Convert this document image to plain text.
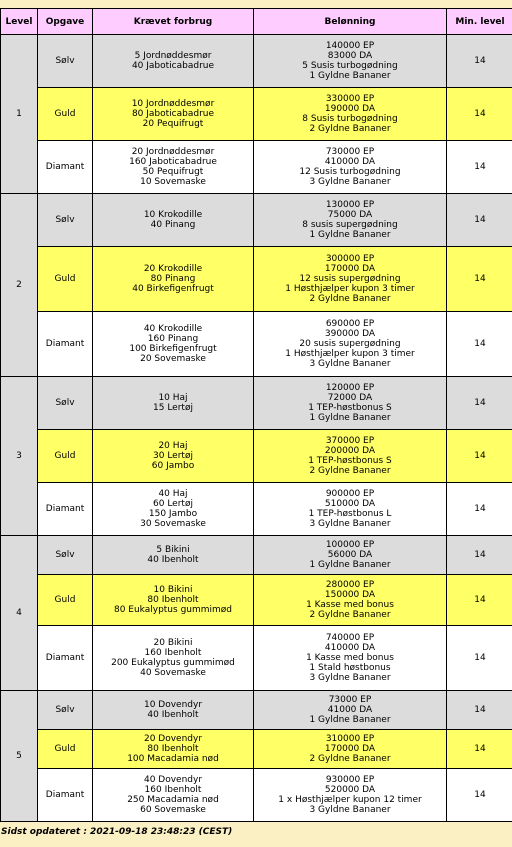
Level	Opgave	Krævet forbrug	Belønning	Min. level
1	Sølv	5 Jordnøddesmør
40 Jaboticabadrue	140000 EP
83000 DA
5 Susis turbogødning
1 Gyldne Bananer	14
	Guld	10 Jordnøddesmør
80 Jaboticabadrue
20 Pequifrugt	330000 EP
190000 DA
8 Susis turbogødning
2 Gyldne Bananer	14
	Diamant	20 Jordnøddesmør
160 Jaboticabadrue
50 Pequifrugt
10 Sovemaske	730000 EP
410000 DA
12 Susis turbogødning
3 Gyldne Bananer	14
2	Sølv	10 Krokodille
40 Pinang	130000 EP
75000 DA
8 susis supergødning
1 Gyldne Bananer	14
	Guld	20 Krokodille
80 Pinang
40 Birkefigenfrugt	300000 EP
170000 DA
12 susis supergødning
1 Høsthjælper kupon 3 timer
2 Gyldne Bananer	14
	Diamant	40 Krokodille
160 Pinang
100 Birkefigenfrugt
20 Sovemaske	690000 EP
390000 DA
20 susis supergødning
1 Høsthjælper kupon 3 timer
3 Gyldne Bananer	14
3	Sølv	10 Haj
15 Lertøj	120000 EP
72000 DA
1 TEP-høstbonus S
1 Gyldne Bananer	14
	Guld	20 Haj
30 Lertøj
60 Jambo	370000 EP
200000 DA
1 TEP-høstbonus S
2 Gyldne Bananer	14
	Diamant	40 Haj
60 Lertøj
150 Jambo
30 Sovemaske	900000 EP
510000 DA
1 TEP-høstbonus L
3 Gyldne Bananer	14
4	Sølv	5 Bikini
40 Ibenholt	100000 EP
56000 DA
1 Gyldne Bananer	14
	Guld	10 Bikini
80 Ibenholt
80 Eukalyptus gummimød	280000 EP
150000 DA
1 Kasse med bonus
2 Gyldne Bananer	14
	Diamant	20 Bikini
160 Ibenholt
200 Eukalyptus gummimød
40 Sovemaske	740000 EP
410000 DA
1 Kasse med bonus
1 Stald høstbonus
3 Gyldne Bananer	14
5	Sølv	10 Dovendyr
40 Ibenholt	73000 EP
41000 DA
1 Gyldne Bananer	14
	Guld	20 Dovendyr
80 Ibenholt
100 Macadamia nød	310000 EP
170000 DA
2 Gyldne Bananer	14
	Diamant	40 Dovendyr
160 Ibenholt
250 Macadamia nød
60 Sovemaske	930000 EP
520000 DA
1 x Høsthjælper kupon 12 timer
3 Gyldne Bananer	14
Sidst opdateret : 2021-09-18 23:48:23 (CEST)
